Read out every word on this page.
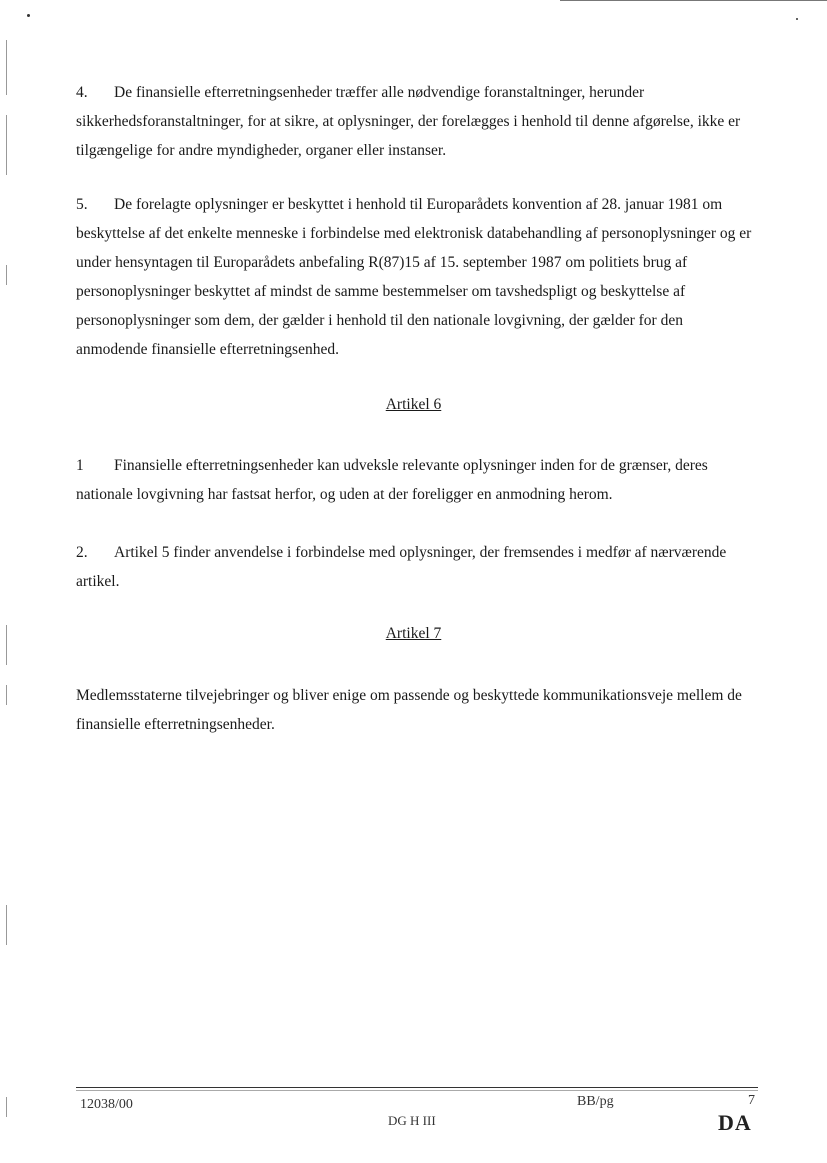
4. De finansielle efterretningsenheder træffer alle nødvendige foranstaltninger, herunder sikkerhedsforanstaltninger, for at sikre, at oplysninger, der forelægges i henhold til denne afgørelse, ikke er tilgængelige for andre myndigheder, organer eller instanser.

5. De forelagte oplysninger er beskyttet i henhold til Europarådets konvention af 28. januar 1981 om beskyttelse af det enkelte menneske i forbindelse med elektronisk databehandling af personoplysninger og er under hensyntagen til Europarådets anbefaling R(87)15 af 15. september 1987 om politiets brug af personoplysninger beskyttet af mindst de samme bestemmelser om tavshedspligt og beskyttelse af personoplysninger som dem, der gælder i henhold til den nationale lovgivning, der gælder for den anmodende finansielle efterretningsenhed.

Artikel 6

1 Finansielle efterretningsenheder kan udveksle relevante oplysninger inden for de grænser, deres nationale lovgivning har fastsat herfor, og uden at der foreligger en anmodning herom.

2. Artikel 5 finder anvendelse i forbindelse med oplysninger, der fremsendes i medfør af nærværende artikel.

Artikel 7

Medlemsstaterne tilvejebringer og bliver enige om passende og beskyttede kommunikationsveje mellem de finansielle efterretningsenheder.

12038/00	BB/pg	7
DG H III	DA
